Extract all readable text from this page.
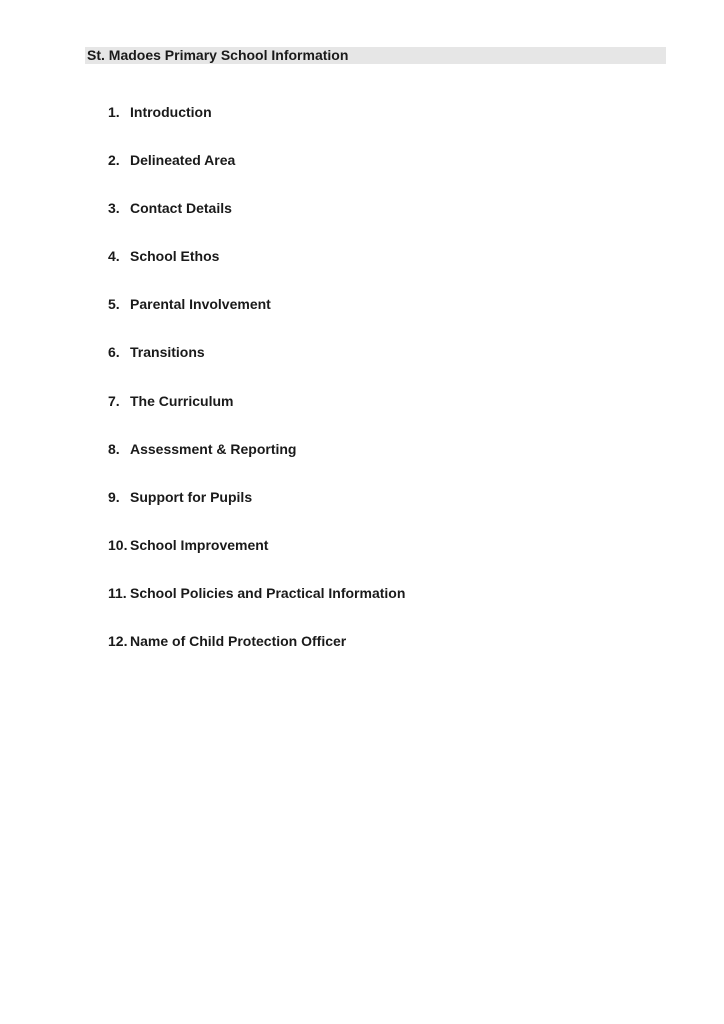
St. Madoes Primary School Information
1. Introduction
2. Delineated Area
3. Contact Details
4. School Ethos
5. Parental Involvement
6. Transitions
7. The Curriculum
8. Assessment & Reporting
9. Support for Pupils
10. School Improvement
11. School Policies and Practical Information
12. Name of Child Protection Officer
